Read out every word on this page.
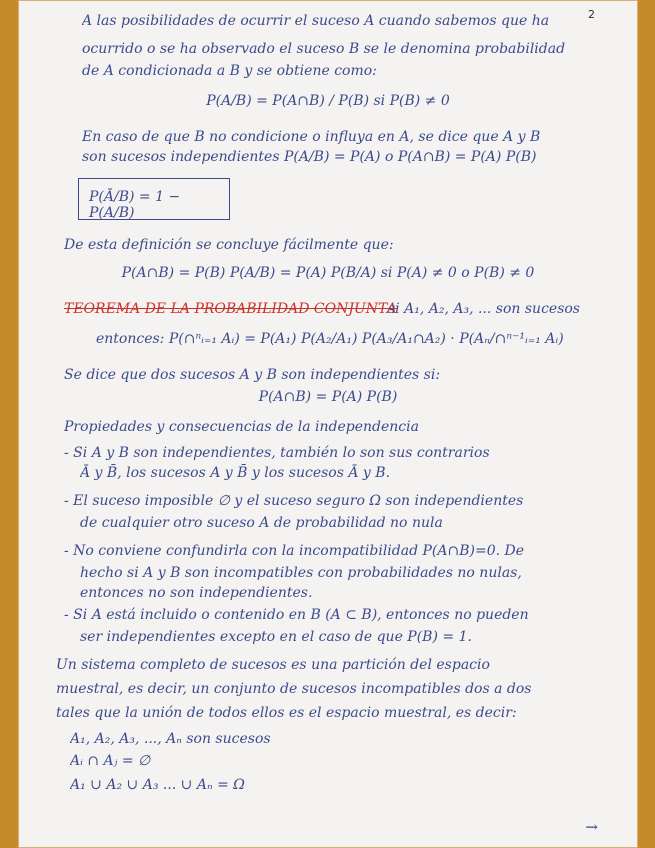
2
A las posibilidades de ocurrir el suceso A cuando sabemos que ha
ocurrido o se ha observado el suceso B se le denomina probabilidad
de A condicionada a B y se obtiene como:
P(A/B) = P(A∩B) / P(B) si P(B) ≠ 0
En caso de que B no condicione o influya en A, se dice que A y B
son sucesos independientes P(A/B) = P(A) o P(A∩B) = P(A) P(B)
P(Ā/B) = 1 − P(A/B)
De esta definición se concluye fácilmente que:
P(A∩B) = P(B) P(A/B) = P(A) P(B/A) si P(A) ≠ 0 o P(B) ≠ 0
TEOREMA DE LA PROBABILIDAD CONJUNTA
si A₁, A₂, A₃, ... son sucesos
entonces: P(∩ⁿᵢ₌₁ Aᵢ) = P(A₁) P(A₂/A₁) P(A₃/A₁∩A₂) · P(Aₙ/∩ⁿ⁻¹ᵢ₌₁ Aᵢ)
Se dice que dos sucesos A y B son independientes si:
P(A∩B) = P(A) P(B)
Propiedades y consecuencias de la independencia
- Si A y B son independientes, también lo son sus contrarios
Ā y B̄, los sucesos A y B̄ y los sucesos Ā y B.
- El suceso imposible ∅ y el suceso seguro Ω son independientes
de cualquier otro suceso A de probabilidad no nula
- No conviene confundirla con la incompatibilidad P(A∩B)=0. De
hecho si A y B son incompatibles con probabilidades no nulas,
entonces no son independientes.
- Si A está incluido o contenido en B (A ⊂ B), entonces no pueden
ser independientes excepto en el caso de que P(B) = 1.
Un sistema completo de sucesos es una partición del espacio
muestral, es decir, un conjunto de sucesos incompatibles dos a dos
tales que la unión de todos ellos es el espacio muestral, es decir:
A₁, A₂, A₃, ..., Aₙ son sucesos
Aᵢ ∩ Aⱼ = ∅
A₁ ∪ A₂ ∪ A₃ ... ∪ Aₙ = Ω
→
